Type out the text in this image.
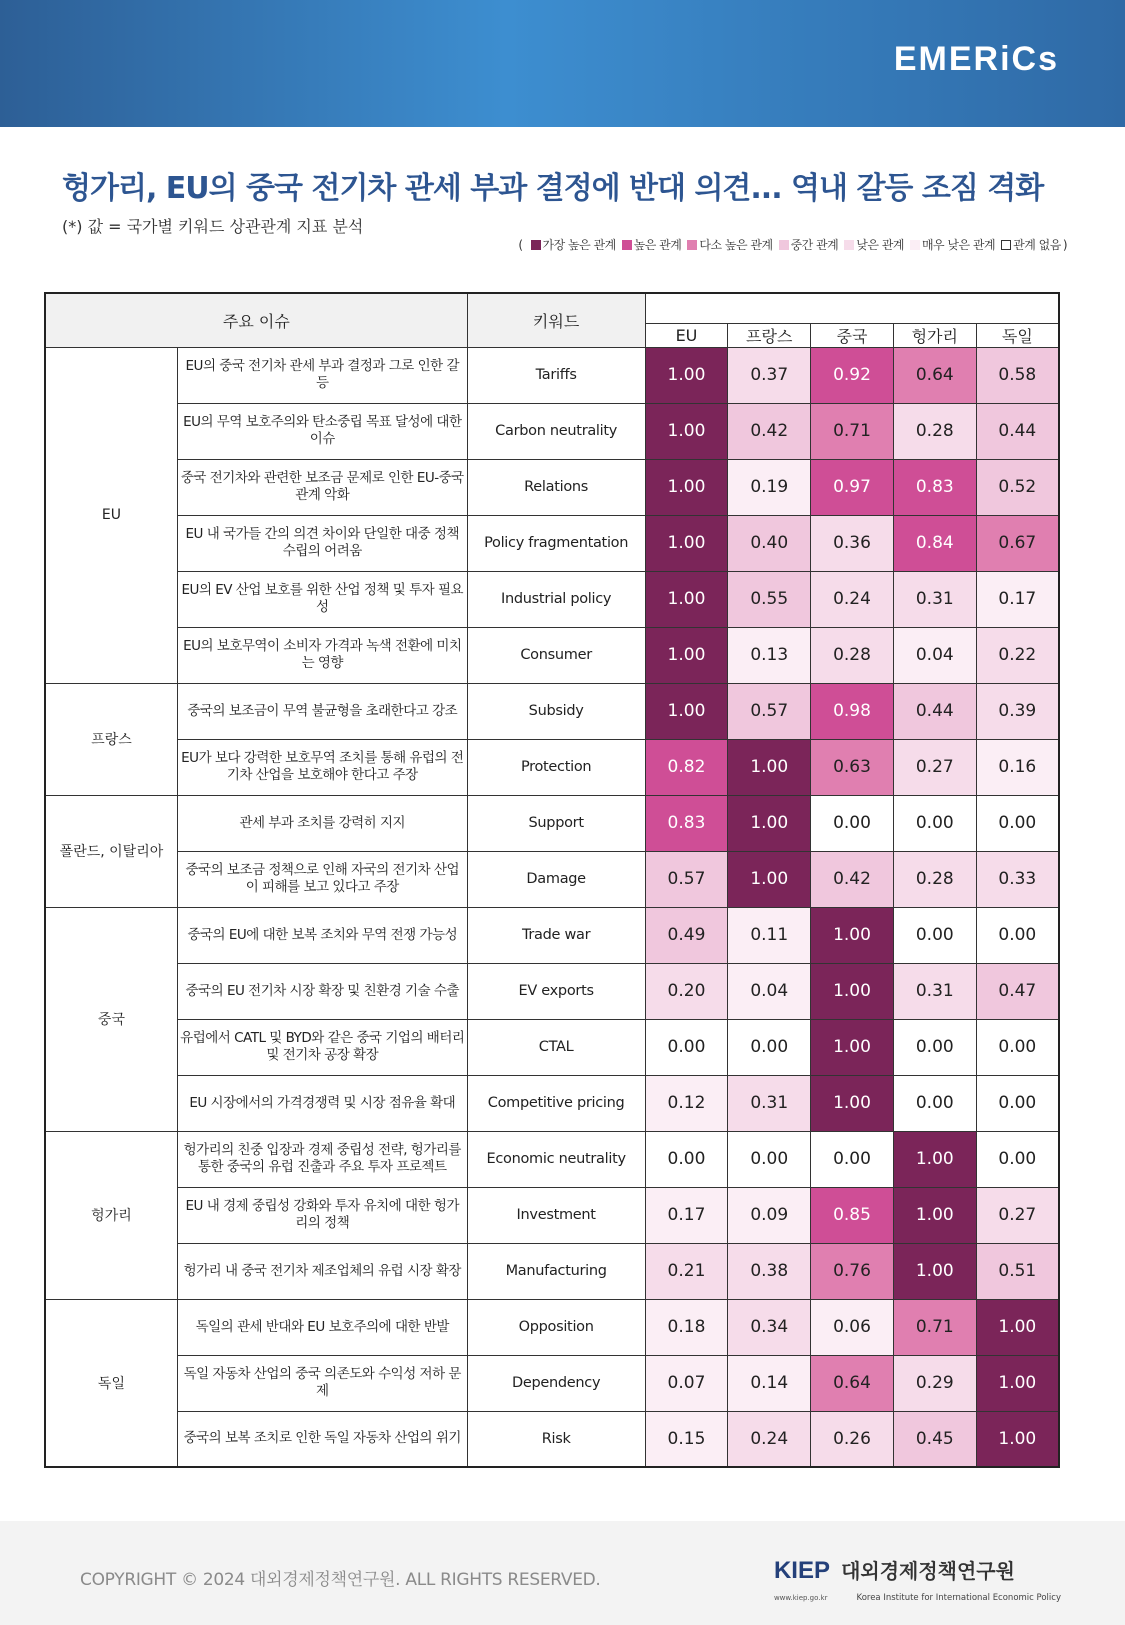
EMERiCs
헝가리, EU의 중국 전기차 관세 부과 결정에 반대 의견... 역내 갈등 조짐 격화
(*) 값 = 국가별 키워드 상관관계 지표 분석
(	가장 높은 관계 높은 관계 다소 높은 관계 중간 관계 낮은 관계 매우 낮은 관계 관계 없음 )
주요 이슈		키워드					
			EU	프랑스	중국	헝가리	독일
EU	EU의 중국 전기차 관세 부과 결정과 그로 인한 갈등	Tariffs	1.00	0.37	0.92	0.64	0.58
	EU의 무역 보호주의와 탄소중립 목표 달성에 대한 이슈	Carbon neutrality	1.00	0.42	0.71	0.28	0.44
	중국 전기차와 관련한 보조금 문제로 인한 EU-중국 관계 악화	Relations	1.00	0.19	0.97	0.83	0.52
	EU 내 국가들 간의 의견 차이와 단일한 대중 정책 수립의 어려움	Policy fragmentation	1.00	0.40	0.36	0.84	0.67
	EU의 EV 산업 보호를 위한 산업 정책 및 투자 필요성	Industrial policy	1.00	0.55	0.24	0.31	0.17
	EU의 보호무역이 소비자 가격과 녹색 전환에 미치는 영향	Consumer	1.00	0.13	0.28	0.04	0.22
프랑스	중국의 보조금이 무역 불균형을 초래한다고 강조	Subsidy	1.00	0.57	0.98	0.44	0.39
	EU가 보다 강력한 보호무역 조치를 통해 유럽의 전기차 산업을 보호해야 한다고 주장	Protection	0.82	1.00	0.63	0.27	0.16
폴란드, 이탈리아	관세 부과 조치를 강력히 지지	Support	0.83	1.00	0.00	0.00	0.00
	중국의 보조금 정책으로 인해 자국의 전기차 산업이 피해를 보고 있다고 주장	Damage	0.57	1.00	0.42	0.28	0.33
중국	중국의 EU에 대한 보복 조치와 무역 전쟁 가능성	Trade war	0.49	0.11	1.00	0.00	0.00
	중국의 EU 전기차 시장 확장 및 친환경 기술 수출	EV exports	0.20	0.04	1.00	0.31	0.47
	유럽에서 CATL 및 BYD와 같은 중국 기업의 배터리 및 전기차 공장 확장	CTAL	0.00	0.00	1.00	0.00	0.00
	EU 시장에서의 가격경쟁력 및 시장 점유율 확대	Competitive pricing	0.12	0.31	1.00	0.00	0.00
헝가리	헝가리의 친중 입장과 경제 중립성 전략, 헝가리를 통한 중국의 유럽 진출과 주요 투자 프로젝트	Economic neutrality	0.00	0.00	0.00	1.00	0.00
	EU 내 경제 중립성 강화와 투자 유치에 대한 헝가리의 정책	Investment	0.17	0.09	0.85	1.00	0.27
	헝가리 내 중국 전기차 제조업체의 유럽 시장 확장	Manufacturing	0.21	0.38	0.76	1.00	0.51
독일	독일의 관세 반대와 EU 보호주의에 대한 반발	Opposition	0.18	0.34	0.06	0.71	1.00
	독일 자동차 산업의 중국 의존도와 수익성 저하 문제	Dependency	0.07	0.14	0.64	0.29	1.00
	중국의 보복 조치로 인한 독일 자동차 산업의 위기	Risk	0.15	0.24	0.26	0.45	1.00
COPYRIGHT © 2024 대외경제정책연구원. ALL RIGHTS RESERVED.	KIEP 대외경제정책연구원
www.kiep.go.kr	Korea Institute for International Economic Policy
